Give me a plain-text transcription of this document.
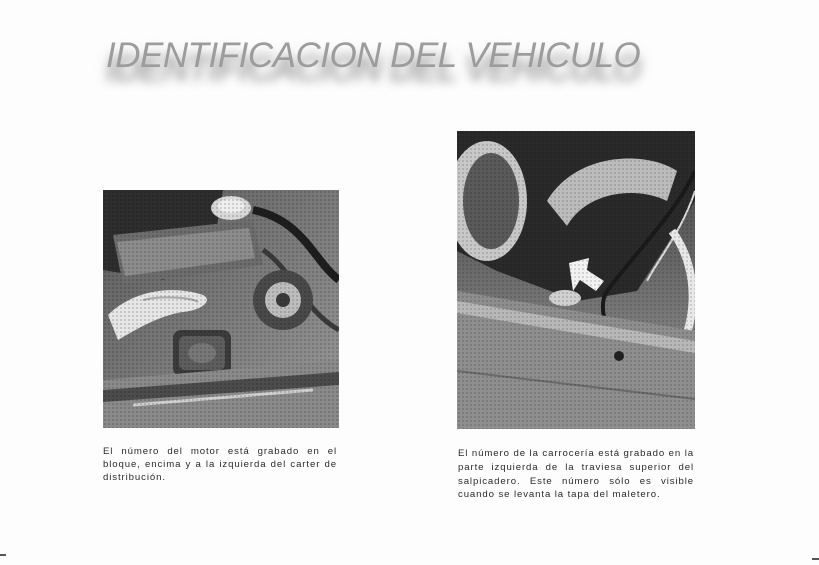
IDENTIFICACION DEL VEHICULO

El número del motor está grabado en el bloque, encima y a la izquierda del carter de distribución.

El número de la carrocería está grabado en la parte izquierda de la traviesa superior del salpicadero. Este número sólo es visible cuando se levanta la tapa del maletero.
